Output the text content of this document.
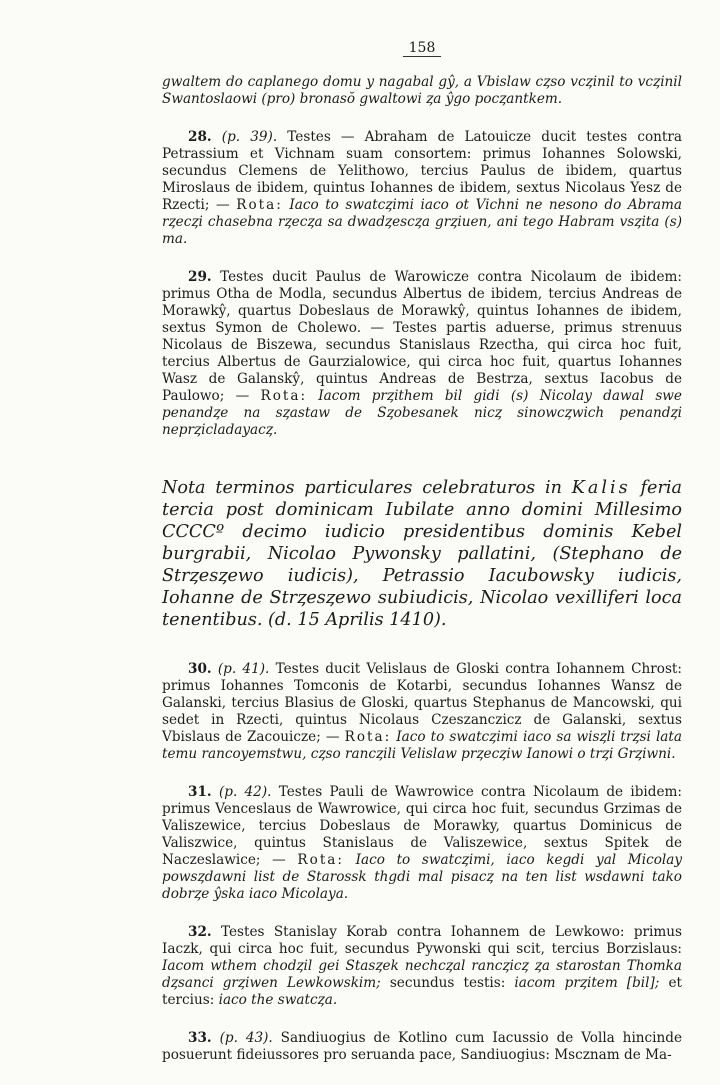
158

gwaltem do caplanego domu y nagabal gŷ, a Vbislaw cȥso vcȥinil to vcȥinil Swantoslaowi (pro) bronasŏ gwaltowi ȥa ŷgo pocȥantkem.

28. (p. 39). Testes — Abraham de Latouicze ducit testes contra Petrassium et Vichnam suam consortem: primus Iohannes Solowski, secundus Clemens de Yelithowo, tercius Paulus de ibidem, quartus Miroslaus de ibidem, quintus Iohannes de ibidem, sextus Nicolaus Yesz de Rzecti; — Rota: Iaco to swatcȥimi iaco ot Vichni ne nesono do Abrama rȥecȥi chasebna rȥecȥa sa dwadȥescȥa grȥiuen, ani tego Habram vsȥita (s) ma.

29. Testes ducit Paulus de Warowicze contra Nicolaum de ibidem: primus Otha de Modla, secundus Albertus de ibidem, tercius Andreas de Morawkŷ, quartus Dobeslaus de Morawkŷ, quintus Iohannes de ibidem, sextus Symon de Cholewo. — Testes partis aduerse, primus strenuus Nicolaus de Biszewa, secundus Stanislaus Rzectha, qui circa hoc fuit, tercius Albertus de Gaurzialowice, qui circa hoc fuit, quartus Iohannes Wasz de Galanskŷ, quintus Andreas de Bestrza, sextus Iacobus de Paulowo; — Rota: Iacom prȥithem bil gidi (s) Nicolay dawal swe penandȥe na sȥastaw de Sȥobesanek nicȥ sinowcȥwich penandȥi neprȥicladayacȥ.

Nota terminos particulares celebraturos in Kalis feria tercia post dominicam Iubilate anno domini Millesimo CCCCº decimo iudicio presidentibus dominis Kebel burgrabii, Nicolao Pywonsky pallatini, (Stephano de Strȥesȥewo iudicis), Petrassio Iacubowsky iudicis, Iohanne de Strȥesȥewo subiudicis, Nicolao vexilliferi loca tenentibus. (d. 15 Aprilis 1410).

30. (p. 41). Testes ducit Velislaus de Gloski contra Iohannem Chrost: primus Iohannes Tomconis de Kotarbi, secundus Iohannes Wansz de Galanski, tercius Blasius de Gloski, quartus Stephanus de Mancowski, qui sedet in Rzecti, quintus Nicolaus Czeszanczicz de Galanski, sextus Vbislaus de Zacouicze; — Rota: Iaco to swatcȥimi iaco sa wisȥli trȥsi lata temu rancoyemstwu, cȥso rancȥili Velislaw prȥecȥiw Ianowi o trȥi Grȥiwni.

31. (p. 42). Testes Pauli de Wawrowice contra Nicolaum de ibidem: primus Venceslaus de Wawrowice, qui circa hoc fuit, secundus Grzimas de Valiszewice, tercius Dobeslaus de Morawky, quartus Dominicus de Valiszwice, quintus Stanislaus de Valiszewice, sextus Spitek de Naczeslawice; — Rota: Iaco to swatcȥimi, iaco kegdi yal Micolay powsȥdawni list de Starossk thgdi mal pisacȥ na ten list wsdawni tako dobrȥe ŷska iaco Micolaya.

32. Testes Stanislay Korab contra Iohannem de Lewkowo: primus Iaczk, qui circa hoc fuit, secundus Pywonski qui scit, tercius Borzislaus: Iacom wthem chodȥil gei Stasȥek nechcȥal rancȥicȥ ȥa starostan Thomka dȥsanci grȥiwen Lewkowskim; secundus testis: iacom prȥitem [bil]; et tercius: iaco the swatcȥa.

33. (p. 43). Sandiuogius de Kotlino cum Iacussio de Volla hincinde posuerunt fideiussores pro seruanda pace, Sandiuogius: Mscznam de Ma-
